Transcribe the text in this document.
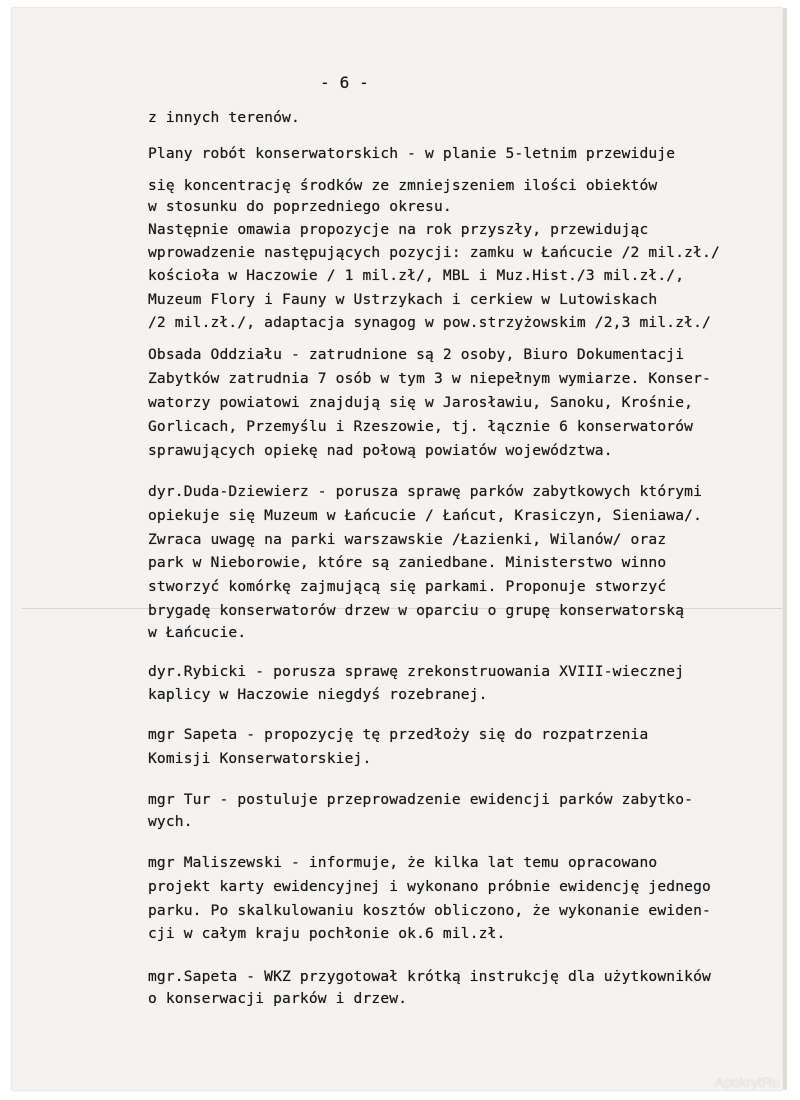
- 6 -
z innych terenów.
Plany robót konserwatorskich - w planie 5-letnim przewiduje
się koncentrację środków ze zmniejszeniem ilości obiektów
w stosunku do poprzedniego okresu.
Następnie omawia propozycje na rok przyszły, przewidując
wprowadzenie następujących pozycji: zamku w Łańcucie /2 mil.zł./
kościoła w Haczowie / 1 mil.zł/, MBL i Muz.Hist./3 mil.zł./,
Muzeum Flory i Fauny w Ustrzykach i cerkiew w Lutowiskach
/2 mil.zł./, adaptacja synagog w pow.strzyżowskim /2,3 mil.zł./
Obsada Oddziału - zatrudnione są 2 osoby, Biuro Dokumentacji
Zabytków zatrudnia 7 osób w tym 3 w niepełnym wymiarze. Konser-
watorzy powiatowi znajdują się w Jarosławiu, Sanoku, Krośnie,
Gorlicach, Przemyślu i Rzeszowie, tj. łącznie 6 konserwatorów
sprawujących opiekę nad połową powiatów województwa.
dyr.Duda-Dziewierz - porusza sprawę parków zabytkowych którymi
opiekuje się Muzeum w Łańcucie / Łańcut, Krasiczyn, Sieniawa/.
Zwraca uwagę na parki warszawskie /Łazienki, Wilanów/ oraz
park w Nieborowie, które są zaniedbane. Ministerstwo winno
stworzyć komórkę zajmującą się parkami. Proponuje stworzyć
brygadę konserwatorów drzew w oparciu o grupę konserwatorską
w Łańcucie.
dyr.Rybicki - porusza sprawę zrekonstruowania XVIII-wiecznej
kaplicy w Haczowie niegdyś rozebranej.
mgr Sapeta - propozycję tę przedłoży się do rozpatrzenia
Komisji Konserwatorskiej.
mgr Tur - postuluje przeprowadzenie ewidencji parków zabytko-
wych.
mgr Maliszewski - informuje, że kilka lat temu opracowano
projekt karty ewidencyjnej i wykonano próbnie ewidencję jednego
parku. Po skalkulowaniu kosztów obliczono, że wykonanie ewiden-
cji w całym kraju pochłonie ok.6 mil.zł.
mgr.Sapeta - WKZ przygotował krótką instrukcję dla użytkowników
o konserwacji parków i drzew.
ApokrytRu
